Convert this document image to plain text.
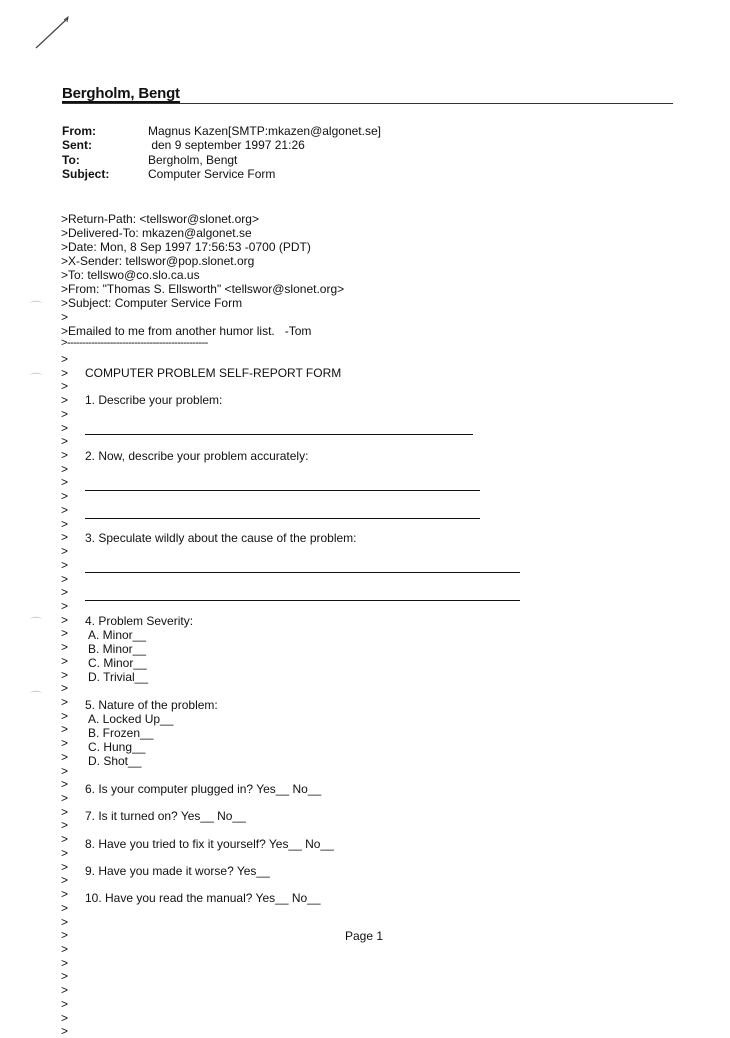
Bergholm, Bengt
From:	Magnus Kazen[SMTP:mkazen@algonet.se]
Sent:	den 9 september 1997 21:26
To:	Bergholm, Bengt
Subject:	Computer Service Form
>Return-Path: <tellswor@slonet.org>
>Delivered-To: mkazen@algonet.se
>Date: Mon, 8 Sep 1997 17:56:53 -0700 (PDT)
>X-Sender: tellswor@pop.slonet.org
>To: tellswo@co.slo.ca.us
>From: "Thomas S. Ellsworth" <tellswor@slonet.org>
>Subject: Computer Service Form
>
>Emailed to me from another humor list.   -Tom
>----------------------------------------------
>
>
>
>
>
>
>
>
>
>
>
>
>
>
>
>
>
>
>
>
>
>
>
>
>
>
>
>
>
>
>
>
>
>
>
>
>
>
>
>
>
>
>
>
>
>
>
>
>
>
COMPUTER PROBLEM SELF-REPORT FORM
1. Describe your problem:
2. Now, describe your problem accurately:
3. Speculate wildly about the cause of the problem:
4. Problem Severity:
A. Minor__
B. Minor__
C. Minor__
D. Trivial__
5. Nature of the problem:
A. Locked Up__
B. Frozen__
C. Hung__
D. Shot__
6. Is your computer plugged in? Yes__ No__
7. Is it turned on? Yes__ No__
8. Have you tried to fix it yourself? Yes__ No__
9. Have you made it worse? Yes__
10. Have you read the manual? Yes__ No__
Page 1
⌒
⌒
⌒
⌒
